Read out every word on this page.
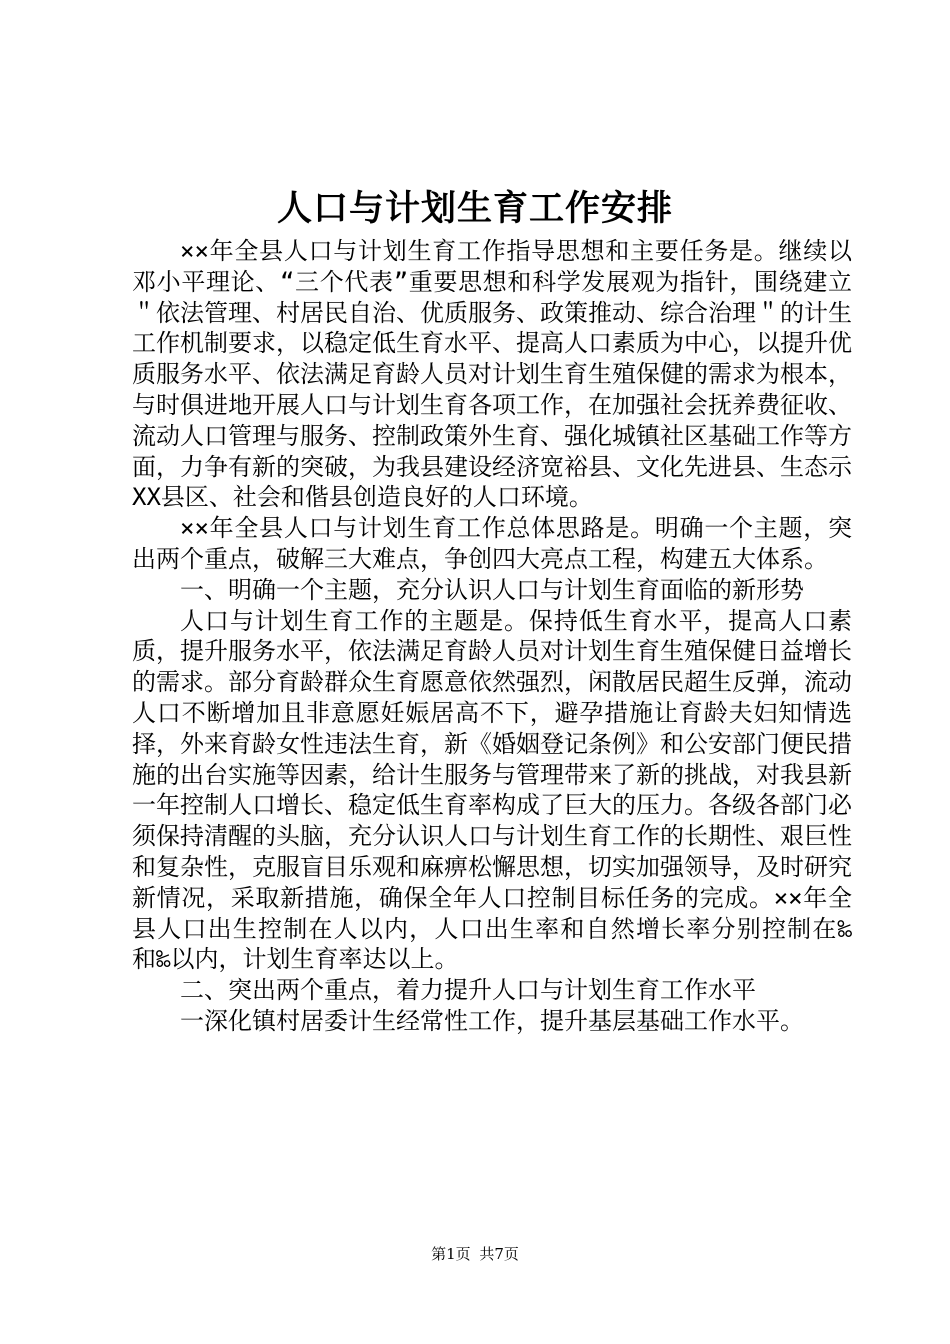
人口与计划生育工作安排

××年全县人口与计划生育工作指导思想和主要任务是。继续以邓小平理论、“三个代表”重要思想和科学发展观为指针，围绕建立＂依法管理、村居民自治、优质服务、政策推动、综合治理＂的计生工作机制要求，以稳定低生育水平、提高人口素质为中心，以提升优质服务水平、依法满足育龄人员对计划生育生殖保健的需求为根本，与时俱进地开展人口与计划生育各项工作，在加强社会抚养费征收、流动人口管理与服务、控制政策外生育、强化城镇社区基础工作等方面，力争有新的突破，为我县建设经济宽裕县、文化先进县、生态示XX县区、社会和偕县创造良好的人口环境。

××年全县人口与计划生育工作总体思路是。明确一个主题，突出两个重点，破解三大难点，争创四大亮点工程，构建五大体系。

一、明确一个主题，充分认识人口与计划生育面临的新形势

人口与计划生育工作的主题是。保持低生育水平，提高人口素质，提升服务水平，依法满足育龄人员对计划生育生殖保健日益增长的需求。部分育龄群众生育愿意依然强烈，闲散居民超生反弹，流动人口不断增加且非意愿妊娠居高不下，避孕措施让育龄夫妇知情选择，外来育龄女性违法生育，新《婚姻登记条例》和公安部门便民措施的出台实施等因素，给计生服务与管理带来了新的挑战，对我县新一年控制人口增长、稳定低生育率构成了巨大的压力。各级各部门必须保持清醒的头脑，充分认识人口与计划生育工作的长期性、艰巨性和复杂性，克服盲目乐观和麻痹松懈思想，切实加强领导，及时研究新情况，采取新措施，确保全年人口控制目标任务的完成。××年全县人口出生控制在人以内，人口出生率和自然增长率分别控制在‰和‰以内，计划生育率达以上。

二、突出两个重点，着力提升人口与计划生育工作水平

一深化镇村居委计生经常性工作，提升基层基础工作水平。

第1页 共7页
